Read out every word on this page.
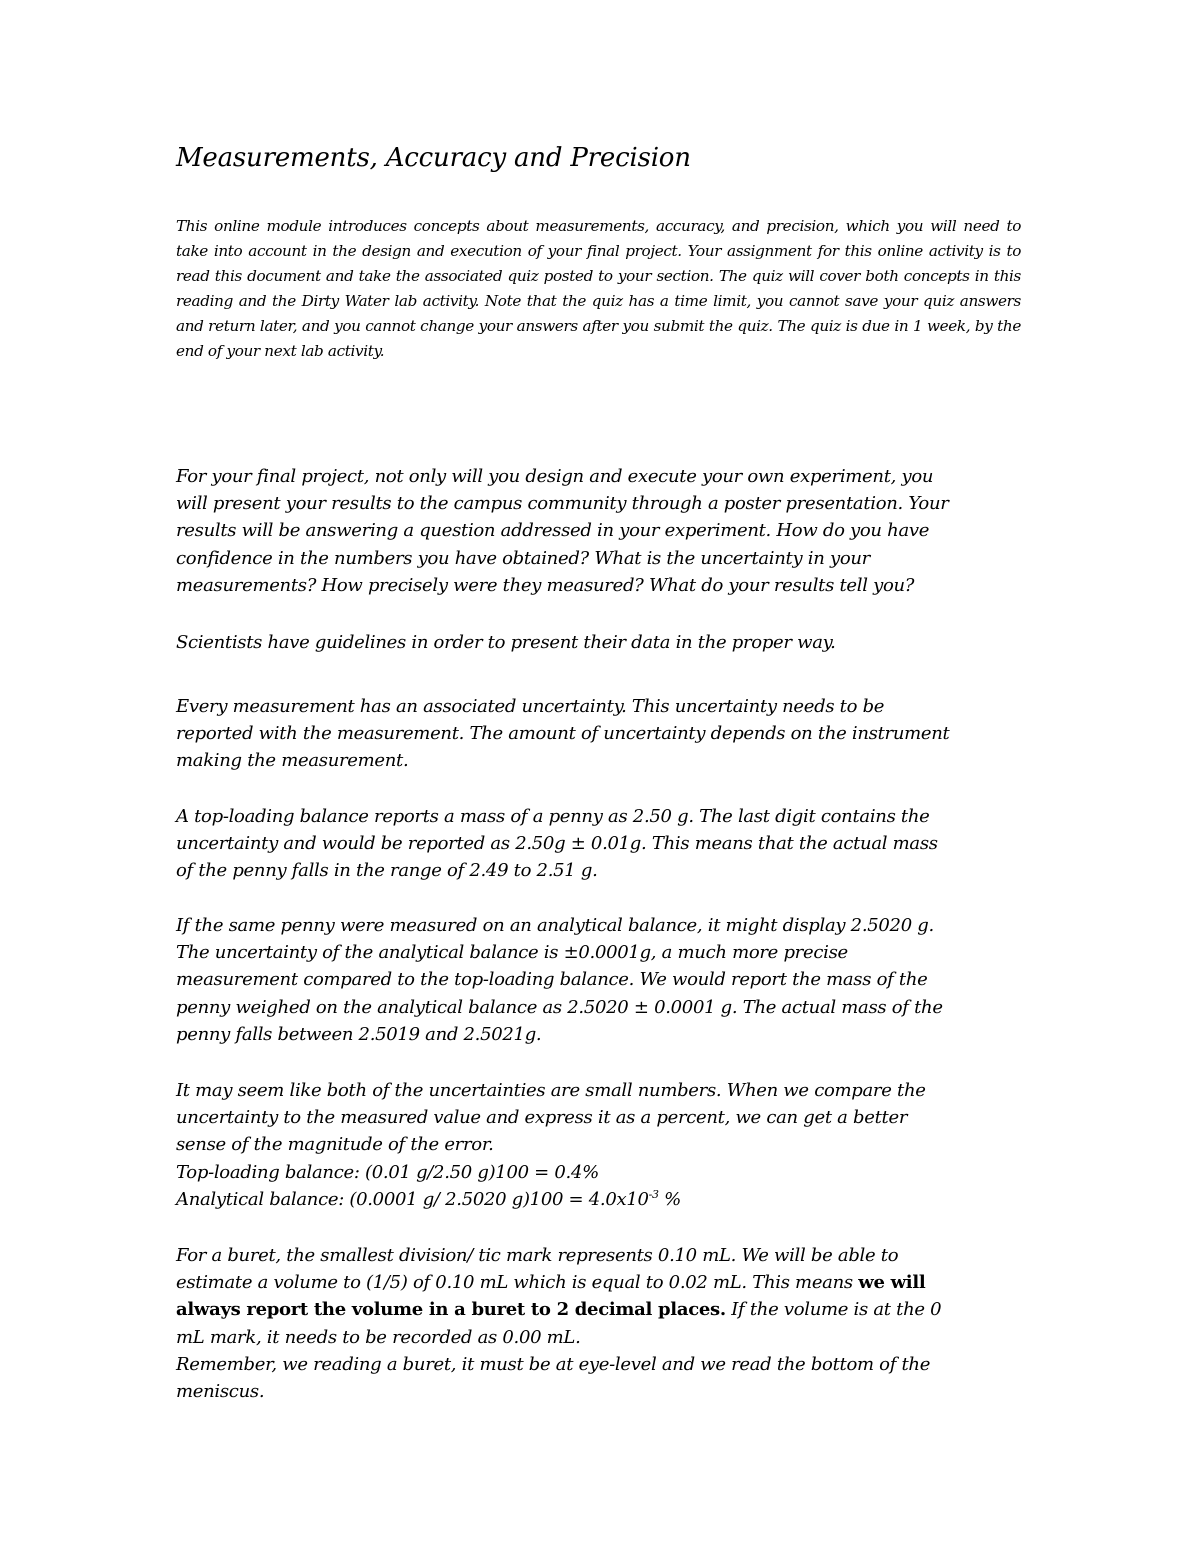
Measurements, Accuracy and Precision

This online module introduces concepts about measurements, accuracy, and precision, which you will need to take into account in the design and execution of your final project. Your assignment for this online activity is to read this document and take the associated quiz posted to your section. The quiz will cover both concepts in this reading and the Dirty Water lab activity. Note that the quiz has a time limit, you cannot save your quiz answers and return later, and you cannot change your answers after you submit the quiz. The quiz is due in 1 week, by the end of your next lab activity.

For your final project, not only will you design and execute your own experiment, you
will present your results to the campus community through a poster presentation. Your
results will be answering a question addressed in your experiment. How do you have
confidence in the numbers you have obtained? What is the uncertainty in your
measurements? How precisely were they measured? What do your results tell you?
Scientists have guidelines in order to present their data in the proper way.
Every measurement has an associated uncertainty. This uncertainty needs to be
reported with the measurement. The amount of uncertainty depends on the instrument
making the measurement.
A top-loading balance reports a mass of a penny as 2.50 g. The last digit contains the
uncertainty and would be reported as 2.50g ± 0.01g. This means that the actual mass
of the penny falls in the range of 2.49 to 2.51 g.
If the same penny were measured on an analytical balance, it might display 2.5020 g.
The uncertainty of the analytical balance is ±0.0001g, a much more precise
measurement compared to the top-loading balance. We would report the mass of the
penny weighed on the analytical balance as 2.5020 ± 0.0001 g. The actual mass of the
penny falls between 2.5019 and 2.5021g.
It may seem like both of the uncertainties are small numbers. When we compare the
uncertainty to the measured value and express it as a percent, we can get a better
sense of the magnitude of the error.
Top-loading balance: (0.01 g/2.50 g)100 = 0.4%
Analytical balance: (0.0001 g/ 2.5020 $g)100 = 4.0x10^{-3}$ %
For a buret, the smallest division/ tic mark represents 0.10 mL. We will be able to
estimate a volume to (1/5) of 0.10 mL which is equal to 0.02 mL. This means we will
always report the volume in a buret to 2 decimal places. If the volume is at the 0
mL mark, it needs to be recorded as 0.00 mL.
Remember, we reading a buret, it must be at eye-level and we read the bottom of the
meniscus.
